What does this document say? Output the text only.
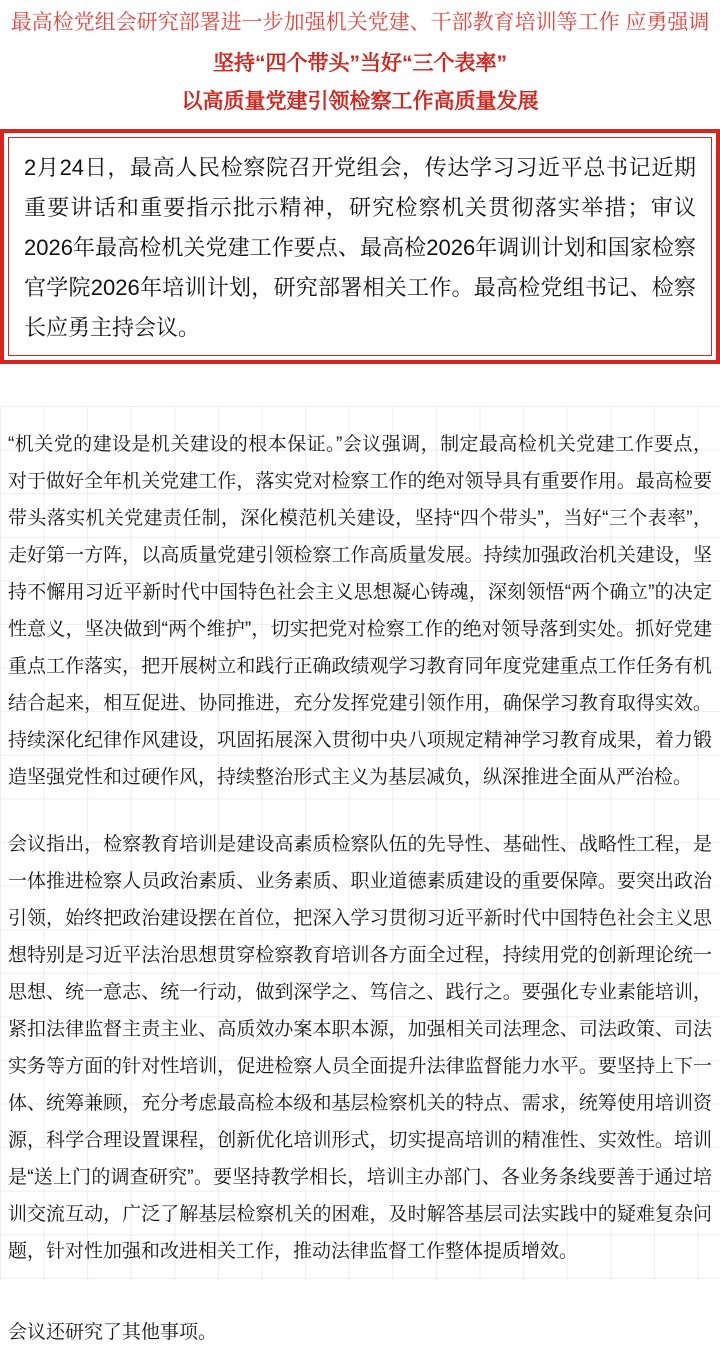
最高检党组会研究部署进一步加强机关党建、干部教育培训等工作 应勇强调
坚持“四个带头”当好“三个表率”
以高质量党建引领检察工作高质量发展
2月24日，最高人民检察院召开党组会，传达学习习近平总书记近期重要讲话和重要指示批示精神，研究检察机关贯彻落实举措；审议2026年最高检机关党建工作要点、最高检2026年调训计划和国家检察官学院2026年培训计划，研究部署相关工作。最高检党组书记、检察长应勇主持会议。

“机关党的建设是机关建设的根本保证。”会议强调，制定最高检机关党建工作要点，对于做好全年机关党建工作，落实党对检察工作的绝对领导具有重要作用。最高检要带头落实机关党建责任制，深化模范机关建设，坚持“四个带头”，当好“三个表率”，走好第一方阵，以高质量党建引领检察工作高质量发展。持续加强政治机关建设，坚持不懈用习近平新时代中国特色社会主义思想凝心铸魂，深刻领悟“两个确立”的决定性意义，坚决做到“两个维护”，切实把党对检察工作的绝对领导落到实处。抓好党建重点工作落实，把开展树立和践行正确政绩观学习教育同年度党建重点工作任务有机结合起来，相互促进、协同推进，充分发挥党建引领作用，确保学习教育取得实效。持续深化纪律作风建设，巩固拓展深入贯彻中央八项规定精神学习教育成果，着力锻造坚强党性和过硬作风，持续整治形式主义为基层减负，纵深推进全面从严治检。

会议指出，检察教育培训是建设高素质检察队伍的先导性、基础性、战略性工程，是一体推进检察人员政治素质、业务素质、职业道德素质建设的重要保障。要突出政治引领，始终把政治建设摆在首位，把深入学习贯彻习近平新时代中国特色社会主义思想特别是习近平法治思想贯穿检察教育培训各方面全过程，持续用党的创新理论统一思想、统一意志、统一行动，做到深学之、笃信之、践行之。要强化专业素能培训，紧扣法律监督主责主业、高质效办案本职本源，加强相关司法理念、司法政策、司法实务等方面的针对性培训，促进检察人员全面提升法律监督能力水平。要坚持上下一体、统筹兼顾，充分考虑最高检本级和基层检察机关的特点、需求，统筹使用培训资源，科学合理设置课程，创新优化培训形式，切实提高培训的精准性、实效性。培训是“送上门的调查研究”。要坚持教学相长，培训主办部门、各业务条线要善于通过培训交流互动，广泛了解基层检察机关的困难，及时解答基层司法实践中的疑难复杂问题，针对性加强和改进相关工作，推动法律监督工作整体提质增效。

会议还研究了其他事项。
